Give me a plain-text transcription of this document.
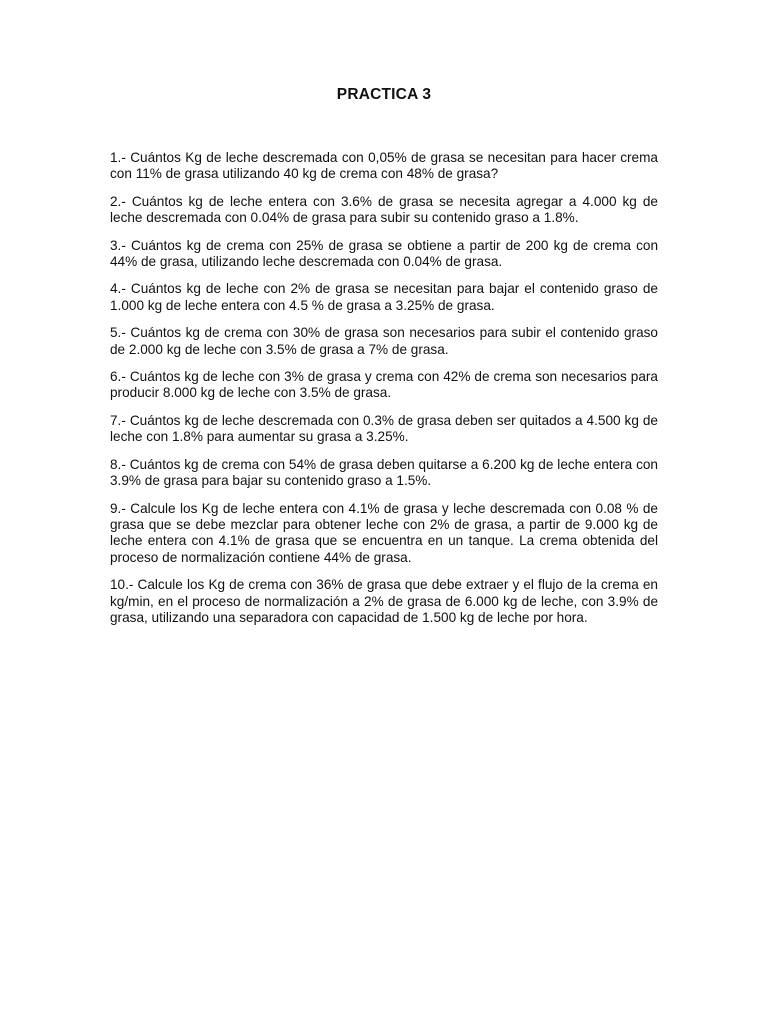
PRACTICA 3

1.- Cuántos Kg de leche descremada con 0,05% de grasa se necesitan para hacer crema con 11% de grasa utilizando 40 kg de crema con 48% de grasa?

2.- Cuántos kg de leche entera con 3.6% de grasa se necesita agregar a 4.000 kg de leche descremada con 0.04% de grasa para subir su contenido graso a 1.8%.

3.- Cuántos kg de crema con 25% de grasa se obtiene a partir de 200 kg de crema con 44% de grasa, utilizando leche descremada con 0.04% de grasa.

4.- Cuántos kg de leche con 2% de grasa se necesitan para bajar el contenido graso de 1.000 kg de leche entera con 4.5 % de grasa a 3.25% de grasa.

5.- Cuántos kg de crema con 30% de grasa son necesarios para subir el contenido graso de 2.000 kg de leche con 3.5% de grasa a 7% de grasa.

6.- Cuántos kg de leche con 3% de grasa y crema con 42% de crema son necesarios para producir 8.000 kg de leche con 3.5% de grasa.

7.- Cuántos kg de leche descremada con 0.3% de grasa deben ser quitados a 4.500 kg de leche con 1.8% para aumentar su grasa a 3.25%.

8.- Cuántos kg de crema con 54% de grasa deben quitarse a 6.200 kg de leche entera con 3.9% de grasa para bajar su contenido graso a 1.5%.

9.- Calcule los Kg de leche entera con 4.1% de grasa y leche descremada con 0.08 % de grasa que se debe mezclar para obtener leche con 2% de grasa, a partir de 9.000 kg de leche entera con 4.1% de grasa que se encuentra en un tanque. La crema obtenida del proceso de normalización contiene 44% de grasa.

10.- Calcule los Kg de crema con 36% de grasa que debe extraer y el flujo de la crema en kg/min, en el proceso de normalización a 2% de grasa de 6.000 kg de leche, con 3.9% de grasa, utilizando una separadora con capacidad de 1.500 kg de leche por hora.
